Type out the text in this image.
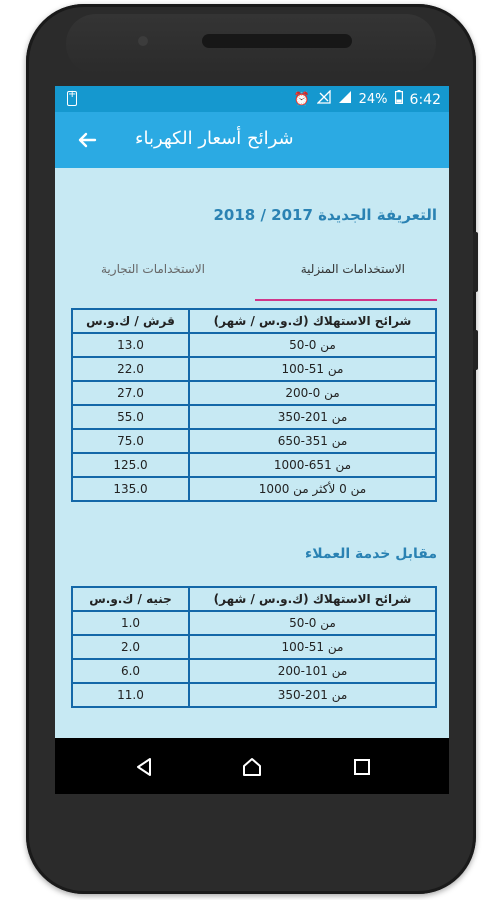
+
⏰	24% 6:42
شرائح أسعار الكهرباء
التعريفة الجديدة 2017 / 2018
الاستخدامات المنزلية
الاستخدامات التجارية
قرش / ك.و.س	شرائح الاستهلاك (ك.و.س / شهر)
13.0	من 0-50
22.0	من 51-100
27.0	من 0-200
55.0	من 201-350
75.0	من 351-650
125.0	من 651-1000
135.0	من 0 لأكثر من 1000
مقابل خدمة العملاء
جنيه / ك.و.س	شرائح الاستهلاك (ك.و.س / شهر)
1.0	من 0-50
2.0	من 51-100
6.0	من 101-200
11.0	من 201-350
